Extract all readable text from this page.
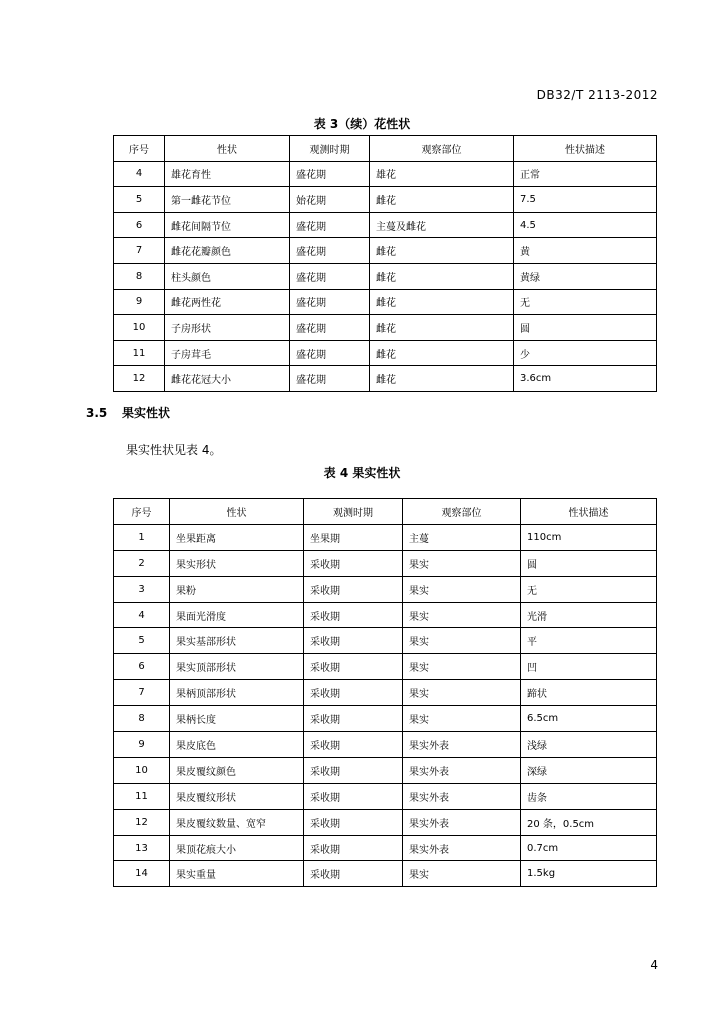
DB32/T 2113-2012
表 3（续）花性状
序号	性状	观测时期	观察部位	性状描述
4	雄花育性	盛花期	雄花	正常
5	第一雌花节位	始花期	雌花	7.5
6	雌花间隔节位	盛花期	主蔓及雌花	4.5
7	雌花花瓣颜色	盛花期	雌花	黄
8	柱头颜色	盛花期	雌花	黄绿
9	雌花两性花	盛花期	雌花	无
10	子房形状	盛花期	雌花	圆
11	子房茸毛	盛花期	雌花	少
12	雌花花冠大小	盛花期	雌花	3.6cm
3.5 果实性状
果实性状见表 4。
表 4 果实性状
序号	性状	观测时期	观察部位	性状描述
1	坐果距离	坐果期	主蔓	110cm
2	果实形状	采收期	果实	圆
3	果粉	采收期	果实	无
4	果面光滑度	采收期	果实	光滑
5	果实基部形状	采收期	果实	平
6	果实顶部形状	采收期	果实	凹
7	果柄顶部形状	采收期	果实	蹄状
8	果柄长度	采收期	果实	6.5cm
9	果皮底色	采收期	果实外表	浅绿
10	果皮覆纹颜色	采收期	果实外表	深绿
11	果皮覆纹形状	采收期	果实外表	齿条
12	果皮覆纹数量、宽窄	采收期	果实外表	20 条，0.5cm
13	果顶花痕大小	采收期	果实外表	0.7cm
14	果实重量	采收期	果实	1.5kg
4
